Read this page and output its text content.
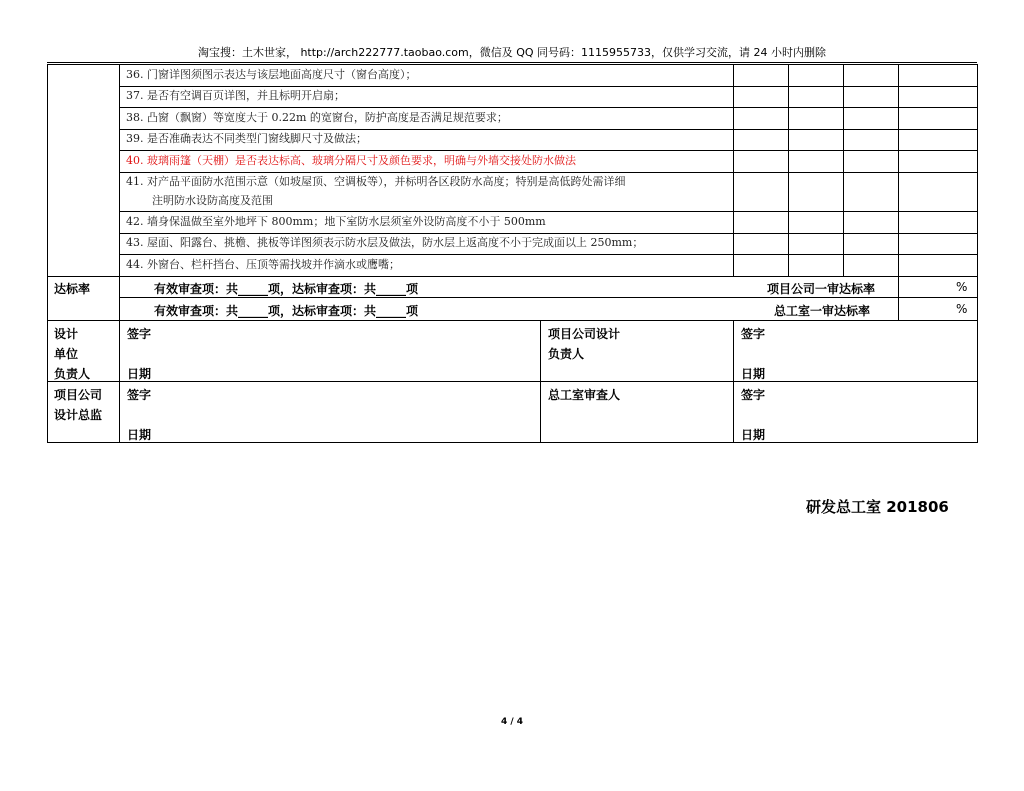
淘宝搜：土木世家， http://arch222777.taobao.com，微信及 QQ 同号码：1115955733，仅供学习交流，请 24 小时内删除
36. 门窗详图须图示表达与该层地面高度尺寸（窗台高度）；
37. 是否有空调百页详图，并且标明开启扇；
38. 凸窗（飘窗）等宽度大于 0.22m 的宽窗台，防护高度是否满足规范要求；
39. 是否准确表达不同类型门窗线脚尺寸及做法；
40. 玻璃雨篷（天棚）是否表达标高、玻璃分隔尺寸及颜色要求，明确与外墙交接处防水做法
41. 对产品平面防水范围示意（如坡屋顶、空调板等），并标明各区段防水高度；特别是高低跨处需详细
注明防水设防高度及范围
42. 墙身保温做至室外地坪下 800mm；地下室防水层须室外设防高度不小于 500mm
43. 屋面、阳露台、挑檐、挑板等详图须表示防水层及做法，防水层上返高度不小于完成面以上 250mm；
44. 外窗台、栏杆挡台、压顶等需找坡并作滴水或鹰嘴；
达标率	有效审查项：共_____项，达标审查项：共_____项
有效审查项：共_____项，达标审查项：共_____项
项目公司一审达标率
总工室一审达标率
%
%
设计
单位
负责人
签字
日期
项目公司设计
负责人
签字
日期
项目公司
设计总监
签字
日期
总工室审查人	签字
日期
研发总工室 201806
4 / 4
